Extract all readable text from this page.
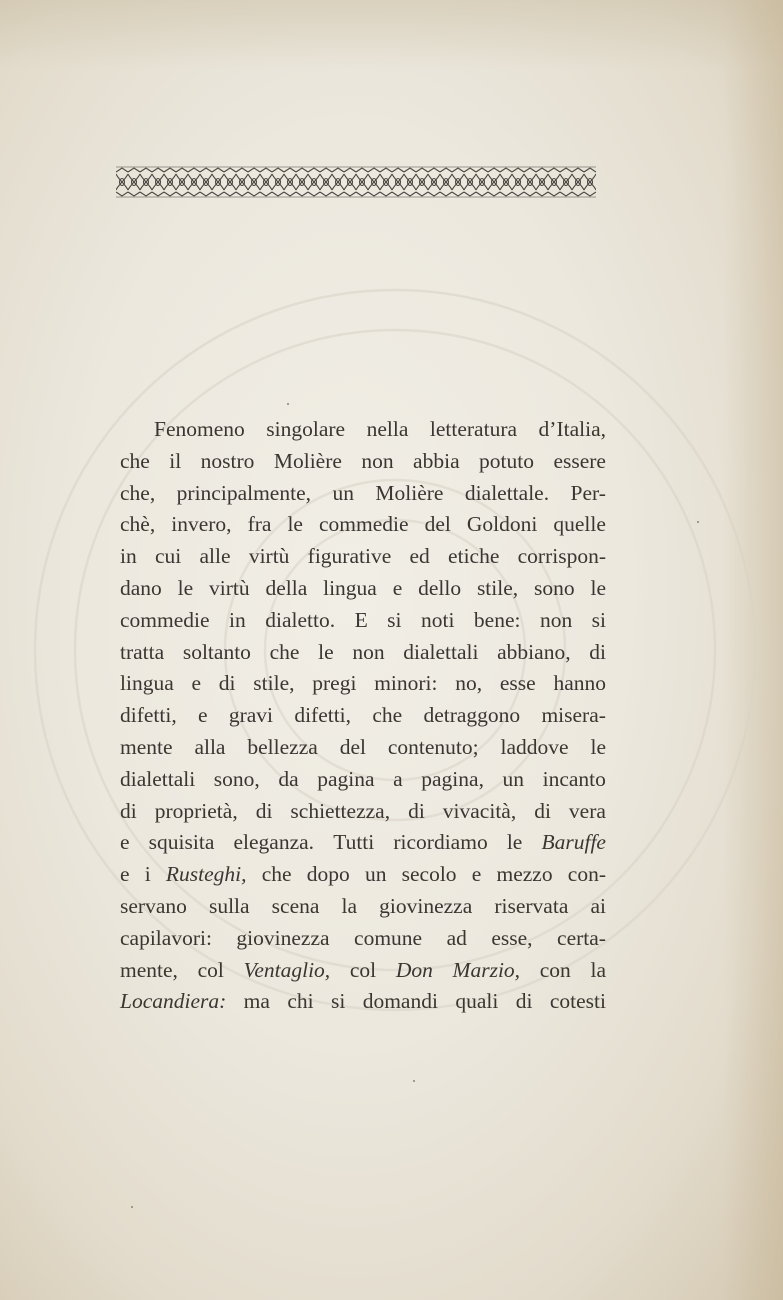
Fenomeno singolare nella letteratura d’Italia,
che il nostro Molière non abbia potuto essere
che, principalmente, un Molière dialettale. Per-
chè, invero, fra le commedie del Goldoni quelle
in cui alle virtù figurative ed etiche corrispon-
dano le virtù della lingua e dello stile, sono le
commedie in dialetto. E si noti bene: non si
tratta soltanto che le non dialettali abbiano, di
lingua e di stile, pregi minori: no, esse hanno
difetti, e gravi difetti, che detraggono misera-
mente alla bellezza del contenuto; laddove le
dialettali sono, da pagina a pagina, un incanto
di proprietà, di schiettezza, di vivacità, di vera
e squisita eleganza. Tutti ricordiamo le Baruffe
e i Rusteghi, che dopo un secolo e mezzo con-
servano sulla scena la giovinezza riservata ai
capilavori: giovinezza comune ad esse, certa-
mente, col Ventaglio, col Don Marzio, con la
Locandiera: ma chi si domandi quali di cotesti
